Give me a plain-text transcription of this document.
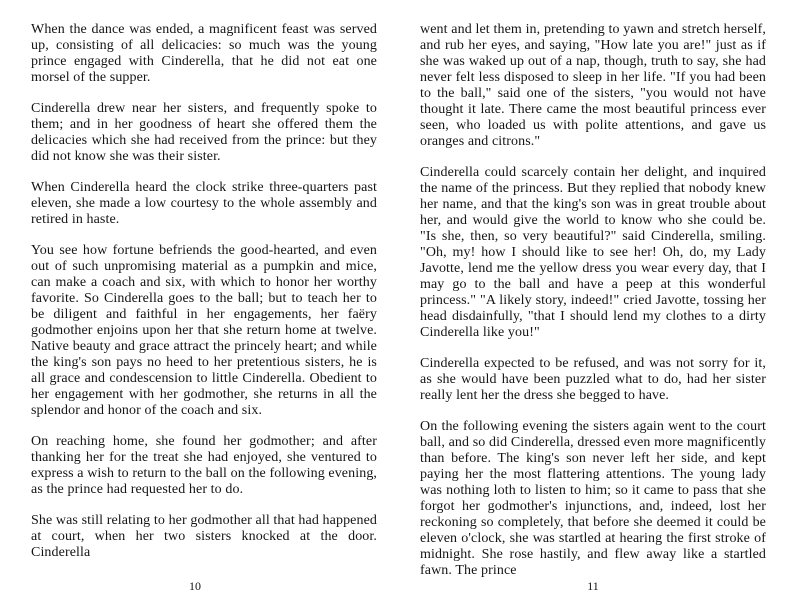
When the dance was ended, a magnificent feast was served up, consisting of all delicacies: so much was the young prince engaged with Cinderella, that he did not eat one morsel of the supper.

Cinderella drew near her sisters, and frequently spoke to them; and in her goodness of heart she offered them the delicacies which she had received from the prince: but they did not know she was their sister.

When Cinderella heard the clock strike three-quarters past eleven, she made a low courtesy to the whole assembly and retired in haste.

You see how fortune befriends the good-hearted, and even out of such unpromising material as a pumpkin and mice, can make a coach and six, with which to honor her worthy favorite. So Cinderella goes to the ball; but to teach her to be diligent and faithful in her engagements, her faëry godmother enjoins upon her that she return home at twelve. Native beauty and grace attract the princely heart; and while the king's son pays no heed to her pretentious sisters, he is all grace and condescension to little Cinderella. Obedient to her engagement with her godmother, she returns in all the splendor and honor of the coach and six.

On reaching home, she found her godmother; and after thanking her for the treat she had enjoyed, she ventured to express a wish to return to the ball on the following evening, as the prince had requested her to do.

She was still relating to her godmother all that had happened at court, when her two sisters knocked at the door. Cinderella

went and let them in, pretending to yawn and stretch herself, and rub her eyes, and saying, "How late you are!" just as if she was waked up out of a nap, though, truth to say, she had never felt less disposed to sleep in her life. "If you had been to the ball," said one of the sisters, "you would not have thought it late. There came the most beautiful princess ever seen, who loaded us with polite attentions, and gave us oranges and citrons."

Cinderella could scarcely contain her delight, and inquired the name of the princess. But they replied that nobody knew her name, and that the king's son was in great trouble about her, and would give the world to know who she could be. "Is she, then, so very beautiful?" said Cinderella, smiling. "Oh, my! how I should like to see her! Oh, do, my Lady Javotte, lend me the yellow dress you wear every day, that I may go to the ball and have a peep at this wonderful princess." "A likely story, indeed!" cried Javotte, tossing her head disdainfully, "that I should lend my clothes to a dirty Cinderella like you!"

Cinderella expected to be refused, and was not sorry for it, as she would have been puzzled what to do, had her sister really lent her the dress she begged to have.

On the following evening the sisters again went to the court ball, and so did Cinderella, dressed even more magnificently than before. The king's son never left her side, and kept paying her the most flattering attentions. The young lady was nothing loth to listen to him; so it came to pass that she forgot her godmother's injunctions, and, indeed, lost her reckoning so completely, that before she deemed it could be eleven o'clock, she was startled at hearing the first stroke of midnight. She rose hastily, and flew away like a startled fawn. The prince

10	11
